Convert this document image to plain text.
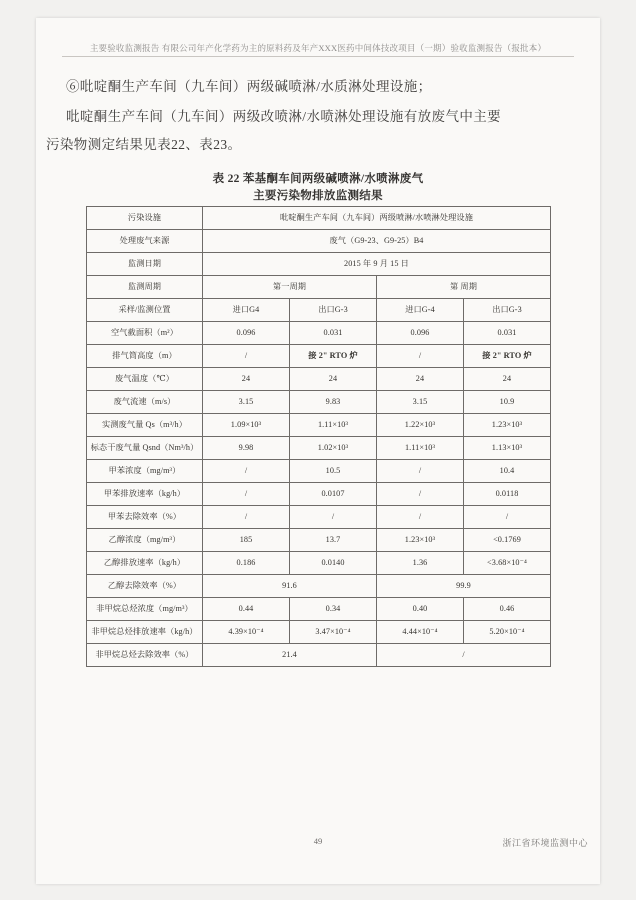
主要验收监测报告 有限公司年产化学药为主的原料药及年产XXX医药中间体技改项目（一期）验收监测报告（报批本）
⑥吡啶酮生产车间（九车间）两级碱喷淋/水质淋处理设施；
吡啶酮生产车间（九车间）两级改喷淋/水喷淋处理设施有放废气中主要
污染物测定结果见表22、表23。
表 22 苯基酮车间两级碱喷淋/水喷淋废气
主要污染物排放监测结果
污染设施	吡啶酮生产车间（九车间）两级喷淋/水喷淋处理设施			
处理废气来源	废气（G9-23、G9-25）B4			
监测日期	2015 年 9 月 15 日			
监测周期	第一周期		第 周期	
采样/监测位置	进口G4	出口G-3	进口G-4	出口G-3
空气截面积（m²）	0.096	0.031	0.096	0.031
排气筒高度（m）	/	接 2" RTO 炉	/	接 2" RTO 炉
废气温度（℃）	24	24	24	24
废气流速（m/s）	3.15	9.83	3.15	10.9
实测废气量 Qs（m³/h）	1.09×10³	1.11×10³	1.22×10³	1.23×10³
标态干废气量 Qsnd（Nm³/h）	9.98	1.02×10³	1.11×10³	1.13×10³
甲苯浓度（mg/m³）	/	10.5	/	10.4
甲苯排放速率（kg/h）	/	0.0107	/	0.0118
甲苯去除效率（%）	/	/	/	/
乙醇浓度（mg/m³）	185	13.7	1.23×10³	<0.1769
乙醇排放速率（kg/h）	0.186	0.0140	1.36	<3.68×10⁻⁴
乙醇去除效率（%）	91.6		99.9	
非甲烷总烃浓度（mg/m³）	0.44	0.34	0.40	0.46
非甲烷总烃排放速率（kg/h）	4.39×10⁻⁴	3.47×10⁻⁴	4.44×10⁻⁴	5.20×10⁻⁴
非甲烷总烃去除效率（%）	21.4		/	
49	浙江省环境监测中心
